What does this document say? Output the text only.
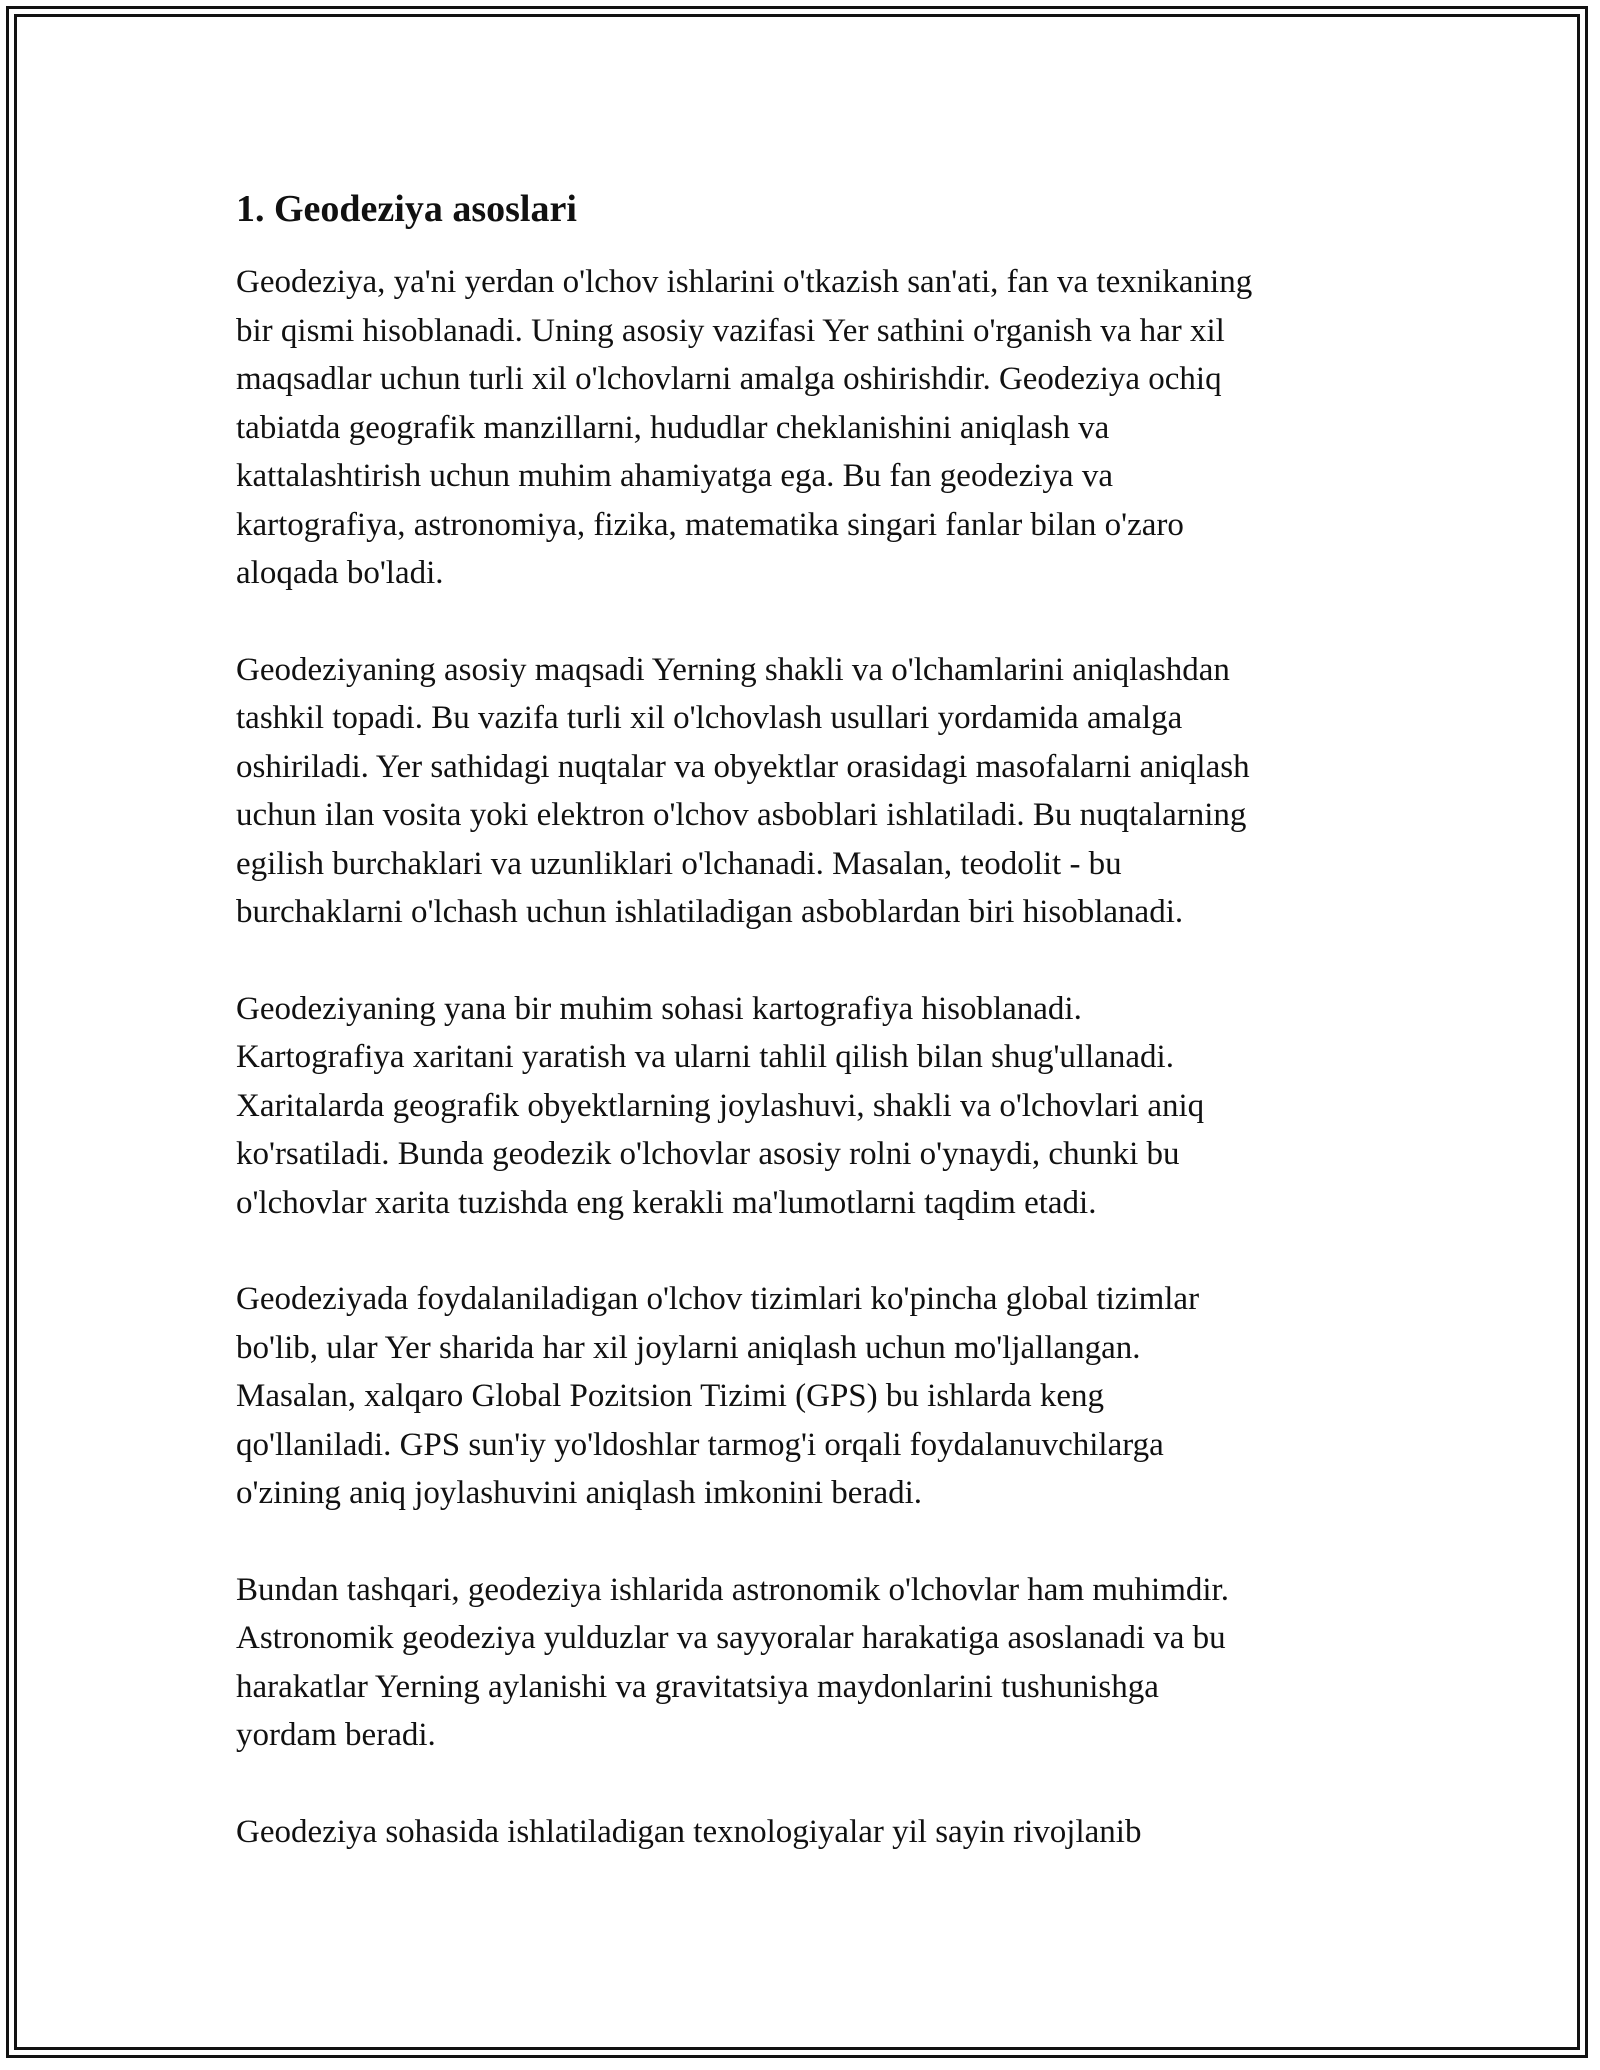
1. Geodeziya asoslari

Geodeziya, ya'ni yerdan o'lchov ishlarini o'tkazish san'ati, fan va texnikaning
bir qismi hisoblanadi. Uning asosiy vazifasi Yer sathini o'rganish va har xil
maqsadlar uchun turli xil o'lchovlarni amalga oshirishdir. Geodeziya ochiq
tabiatda geografik manzillarni, hududlar cheklanishini aniqlash va
kattalashtirish uchun muhim ahamiyatga ega. Bu fan geodeziya va
kartografiya, astronomiya, fizika, matematika singari fanlar bilan o'zaro
aloqada bo'ladi.

Geodeziyaning asosiy maqsadi Yerning shakli va o'lchamlarini aniqlashdan
tashkil topadi. Bu vazifa turli xil o'lchovlash usullari yordamida amalga
oshiriladi. Yer sathidagi nuqtalar va obyektlar orasidagi masofalarni aniqlash
uchun ilan vosita yoki elektron o'lchov asboblari ishlatiladi. Bu nuqtalarning
egilish burchaklari va uzunliklari o'lchanadi. Masalan, teodolit - bu
burchaklarni o'lchash uchun ishlatiladigan asboblardan biri hisoblanadi.

Geodeziyaning yana bir muhim sohasi kartografiya hisoblanadi.
Kartografiya xaritani yaratish va ularni tahlil qilish bilan shug'ullanadi.
Xaritalarda geografik obyektlarning joylashuvi, shakli va o'lchovlari aniq
ko'rsatiladi. Bunda geodezik o'lchovlar asosiy rolni o'ynaydi, chunki bu
o'lchovlar xarita tuzishda eng kerakli ma'lumotlarni taqdim etadi.

Geodeziyada foydalaniladigan o'lchov tizimlari ko'pincha global tizimlar
bo'lib, ular Yer sharida har xil joylarni aniqlash uchun mo'ljallangan.
Masalan, xalqaro Global Pozitsion Tizimi (GPS) bu ishlarda keng
qo'llaniladi. GPS sun'iy yo'ldoshlar tarmog'i orqali foydalanuvchilarga
o'zining aniq joylashuvini aniqlash imkonini beradi.

Bundan tashqari, geodeziya ishlarida astronomik o'lchovlar ham muhimdir.
Astronomik geodeziya yulduzlar va sayyoralar harakatiga asoslanadi va bu
harakatlar Yerning aylanishi va gravitatsiya maydonlarini tushunishga
yordam beradi.

Geodeziya sohasida ishlatiladigan texnologiyalar yil sayin rivojlanib
